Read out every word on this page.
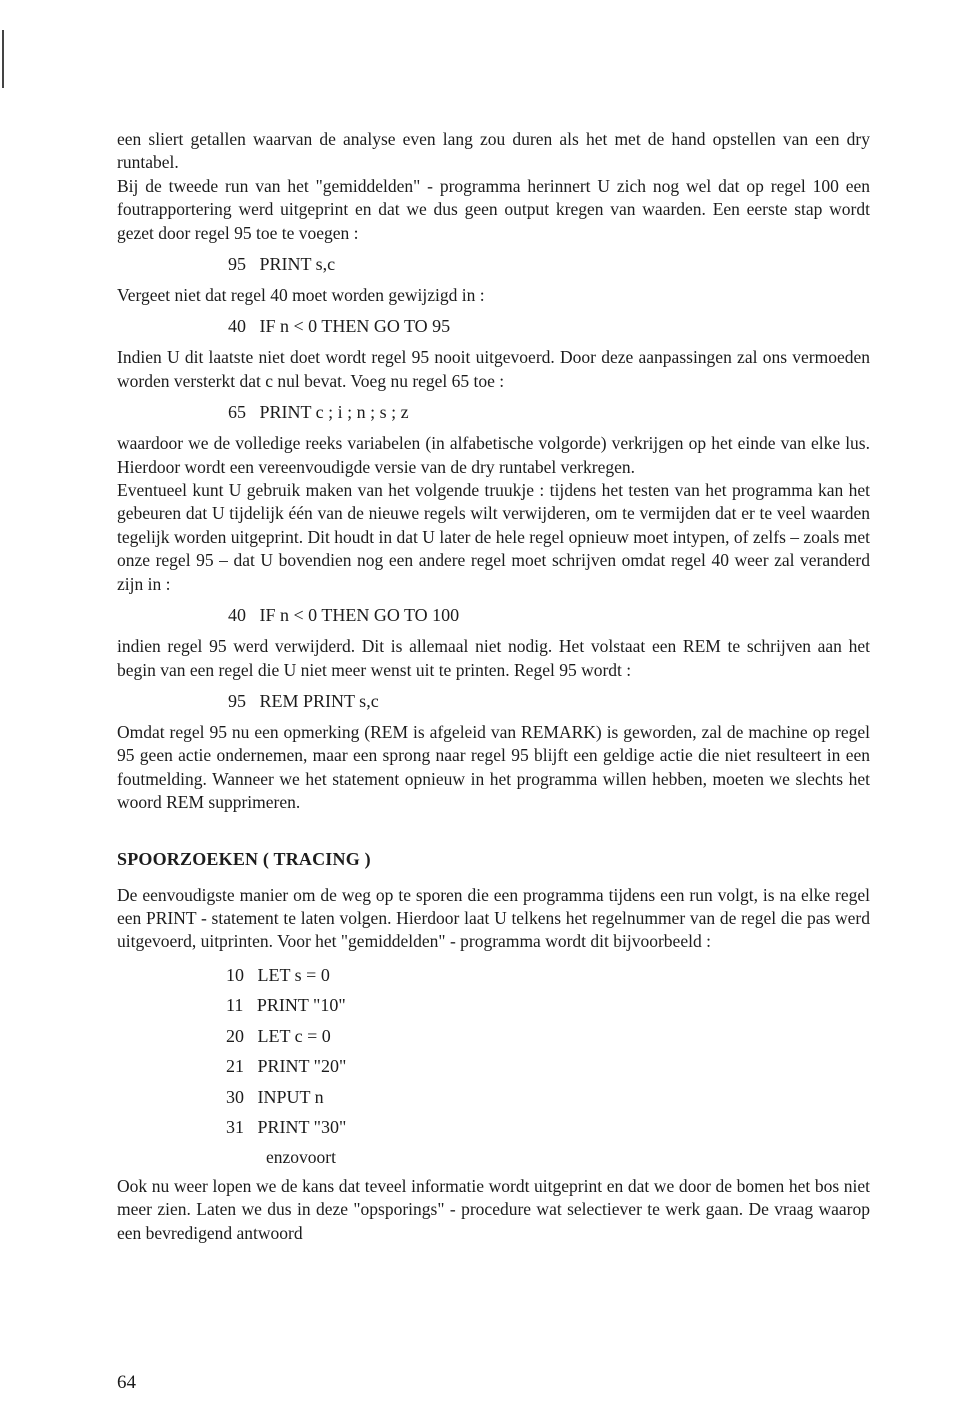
een sliert getallen waarvan de analyse even lang zou duren als het met de hand opstellen van een dry runtabel.

Bij de tweede run van het "gemiddelden" - programma herinnert U zich nog wel dat op regel 100 een foutrapportering werd uitgeprint en dat we dus geen output kregen van waarden. Een eerste stap wordt gezet door regel 95 toe te voegen :

95   PRINT s,c

Vergeet niet dat regel 40 moet worden gewijzigd in :

40   IF n < 0 THEN GO TO 95

Indien U dit laatste niet doet wordt regel 95 nooit uitgevoerd. Door deze aanpassingen zal ons vermoeden worden versterkt dat c nul bevat. Voeg nu regel 65 toe :

65   PRINT c ; i ; n ; s ; z

waardoor we de volledige reeks variabelen (in alfabetische volgorde) verkrijgen op het einde van elke lus. Hierdoor wordt een vereenvoudigde versie van de dry runtabel verkregen.

Eventueel kunt U gebruik maken van het volgende truukje : tijdens het testen van het programma kan het gebeuren dat U tijdelijk één van de nieuwe regels wilt verwijderen, om te vermijden dat er te veel waarden tegelijk worden uitgeprint. Dit houdt in dat U later de hele regel opnieuw moet intypen, of zelfs – zoals met onze regel 95 – dat U bovendien nog een andere regel moet schrijven omdat regel 40 weer zal veranderd zijn in :

40   IF n < 0 THEN GO TO 100

indien regel 95 werd verwijderd. Dit is allemaal niet nodig. Het volstaat een REM te schrijven aan het begin van een regel die U niet meer wenst uit te printen. Regel 95 wordt :

95   REM PRINT s,c

Omdat regel 95 nu een opmerking (REM is afgeleid van REMARK) is geworden, zal de machine op regel 95 geen actie ondernemen, maar een sprong naar regel 95 blijft een geldige actie die niet resulteert in een foutmelding. Wanneer we het statement opnieuw in het programma willen hebben, moeten we slechts het woord REM supprimeren.

SPOORZOEKEN ( TRACING )

De eenvoudigste manier om de weg op te sporen die een programma tijdens een run volgt, is na elke regel een PRINT - statement te laten volgen. Hierdoor laat U telkens het regelnummer van de regel die pas werd uitgevoerd, uitprinten. Voor het "gemiddelden" - programma wordt dit bijvoorbeeld :

10   LET s = 0
11   PRINT "10"
20   LET c = 0
21   PRINT "20"
30   INPUT n
31   PRINT "30"
enzovoort

Ook nu weer lopen we de kans dat teveel informatie wordt uitgeprint en dat we door de bomen het bos niet meer zien. Laten we dus in deze "opsporings" - procedure wat selectiever te werk gaan. De vraag waarop een bevredigend antwoord

64
